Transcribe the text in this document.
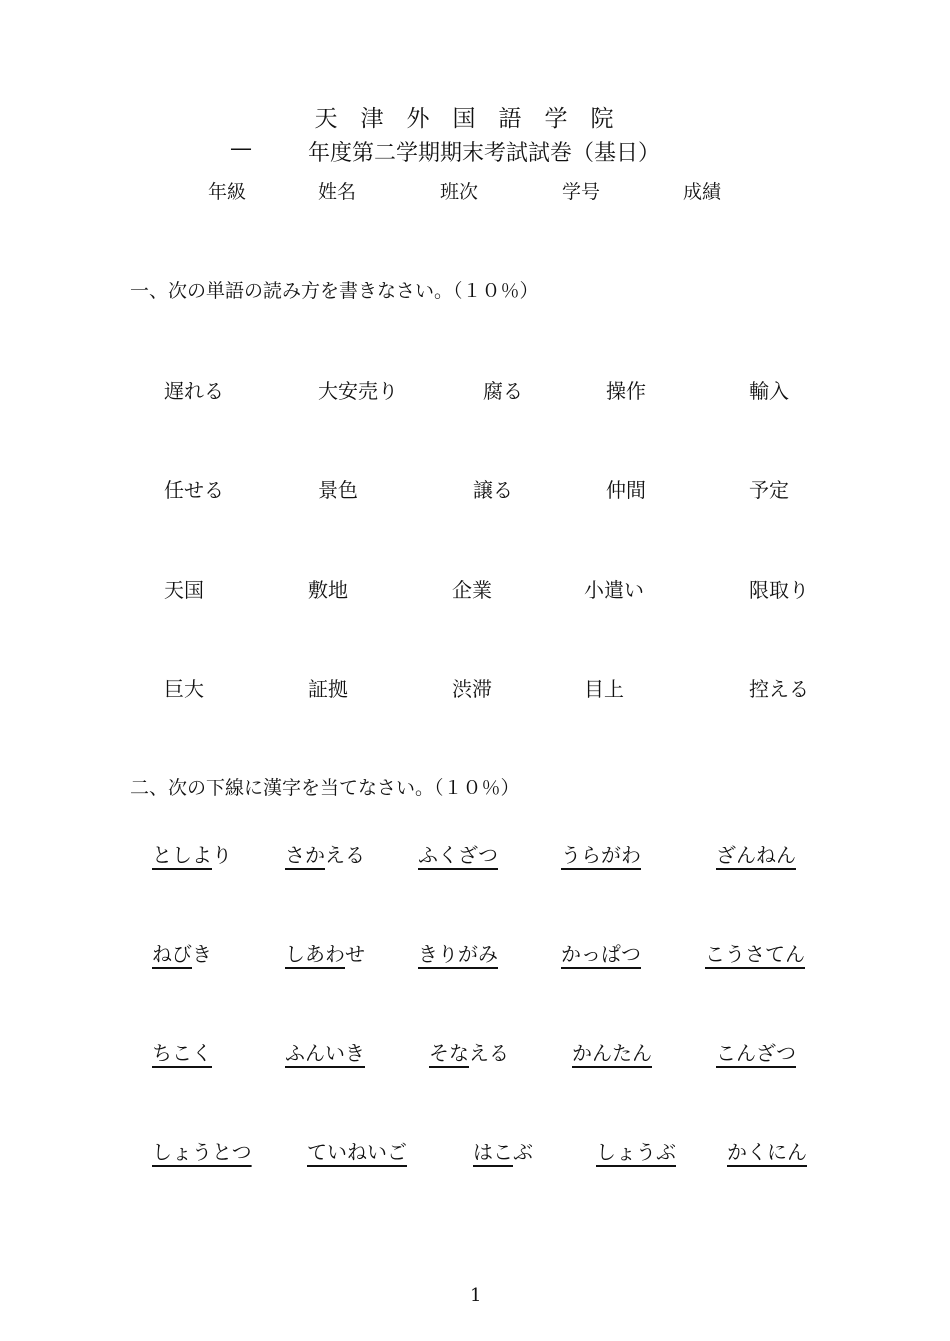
天 津 外 国 語 学 院
—	年度第二学期期末考試試巻（基日）
年級	姓名	班次	学号	成績
一、次の単語の読み方を書きなさい。（１０％）
遅れる	大安売り	腐る	操作	輸入
任せる	景色	譲る	仲間	予定
天国	敷地	企業	小遣い	限取り
巨大	証拠	渋滞	目上	控える
二、次の下線に漢字を当てなさい。（１０％）
としより	さかえる	ふくざつ	うらがわ	ざんねん
ねびき	しあわせ	きりがみ	かっぱつ	こうさてん
ちこく	ふんいき	そなえる	かんたん	こんざつ
しょうとつ	ていねいご	はこぶ	しょうぶ	かくにん
1
